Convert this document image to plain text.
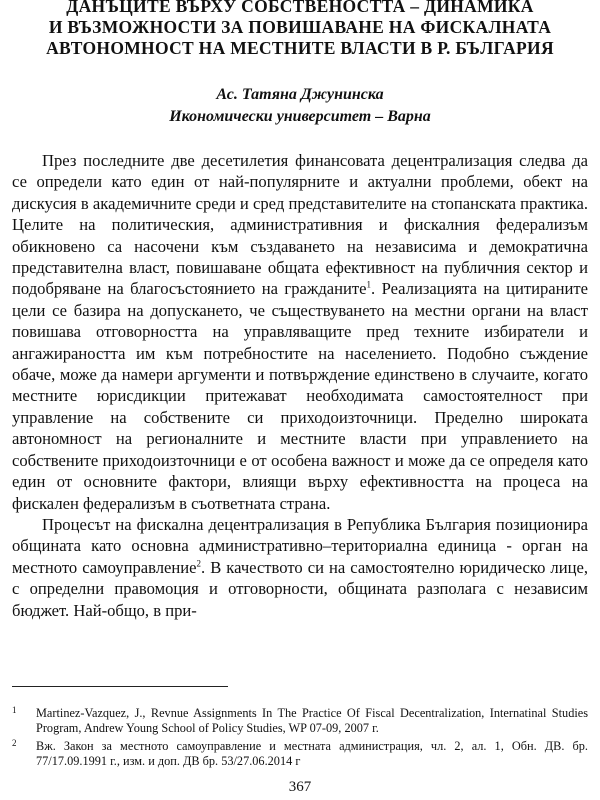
ДАНЪЦИТЕ ВЪРХУ СОБСТВЕНОСТТА – ДИНАМИКА
И ВЪЗМОЖНОСТИ ЗА ПОВИШАВАНЕ НА ФИСКАЛНАТА
АВТОНОМНОСТ НА МЕСТНИТЕ ВЛАСТИ В Р. БЪЛГАРИЯ
Ас. Татяна Джунинска
Икономически университет – Варна

През последните две десетилетия финансовата децентрализация следва да се определи като един от най-популярните и актуални проблеми, обект на дискусия в академичните среди и сред представителите на стопанската практика. Целите на политическия, административния и фискалния федерализъм обикновено са насочени към създаването на независима и демократична представителна власт, повишаване общата ефективност на публичния сектор и подобряване на благосъстоянието на гражданите$^1$. Реализацията на цитираните цели се базира на допускането, че съществуването на местни органи на власт повишава отговорността на управляващите пред техните избиратели и ангажираността им към потребностите на населението. Подобно съждение обаче, може да намери аргументи и потвърждение единствено в случаите, когато местните юрисдикции притежават необходимата самостоятелност при управление на собствените си приходоизточници. Пределно широката автономност на регионалните и местните власти при управлението на собствените приходоизточници е от особена важност и може да се определя като един от основните фактори, влиящи върху ефективността на процеса на фискален федерализъм в съответната страна.

Процесът на фискална децентрализация в Република България позиционира общината като основна административно–териториална единица - орган на местното самоуправление$^2$. В качеството си на самостоятелно юридическо лице, с определни правомоция и отговорности, общината разполага с независим бюджет. Най-общо, в при-

1 Martinez-Vazquez, J., Revnue Assignments In The Practice Of Fiscal Decentralization, Internatinal Studies Program, Andrew Young School of Policy Studies, WP 07-09, 2007 г.
2 Вж. Закон за местното самоуправление и местната администрация, чл. 2, ал. 1, Обн. ДВ. бр. 77/17.09.1991 г., изм. и доп. ДВ бр. 53/27.06.2014 г
367
